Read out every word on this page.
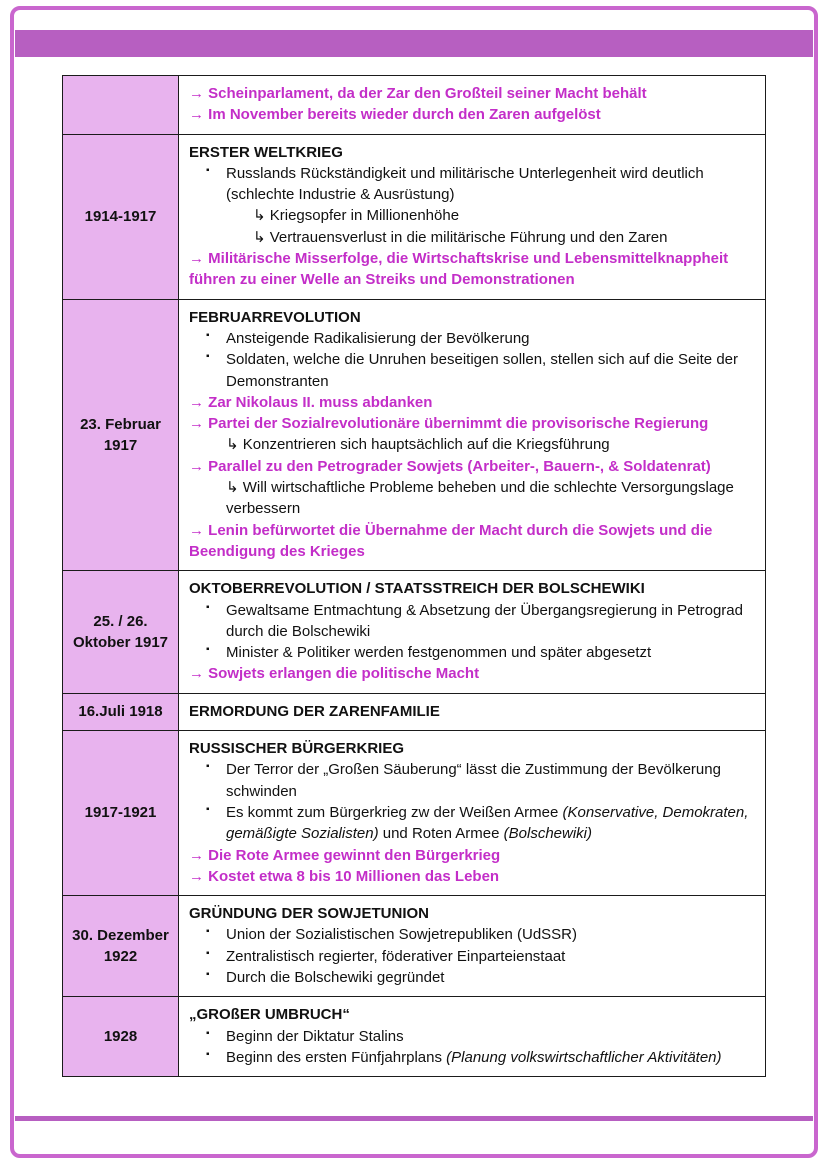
	→ Scheinparlament, da der Zar den Großteil seiner Macht behält
→ Im November bereits wieder durch den Zaren aufgelöst

1914-1917	
ERSTER WELTKRIEG
▪ Russlands Rückständigkeit und militärische Unterlegenheit wird deutlich (schlechte Industrie & Ausrüstung)
↳ Kriegsopfer in Millionenhöhe
↳ Vertrauensverlust in die militärische Führung und den Zaren
→ Militärische Misserfolge, die Wirtschaftskrise und Lebensmittelknappheit führen zu einer Welle an Streiks und Demonstrationen

23. Februar 1917	
FEBRUARREVOLUTION
▪ Ansteigende Radikalisierung der Bevölkerung
▪ Soldaten, welche die Unruhen beseitigen sollen, stellen sich auf die Seite der Demonstranten
→ Zar Nikolaus II. muss abdanken
→ Partei der Sozialrevolutionäre übernimmt die provisorische Regierung
↳ Konzentrieren sich hauptsächlich auf die Kriegsführung
→ Parallel zu den Petrograder Sowjets (Arbeiter-, Bauern-, & Soldatenrat)
↳ Will wirtschaftliche Probleme beheben und die schlechte Versorgungslage verbessern
→ Lenin befürwortet die Übernahme der Macht durch die Sowjets und die Beendigung des Krieges

25. / 26. Oktober 1917	
OKTOBERREVOLUTION / STAATSSTREICH DER BOLSCHEWIKI
▪ Gewaltsame Entmachtung & Absetzung der Übergangsregierung in Petrograd durch die Bolschewiki
▪ Minister & Politiker werden festgenommen und später abgesetzt
→ Sowjets erlangen die politische Macht

16.Juli 1918	ERMORDUNG DER ZARENFAMILIE

1917-1921	
RUSSISCHER BÜRGERKRIEG
▪ Der Terror der „Großen Säuberung“ lässt die Zustimmung der Bevölkerung schwinden
▪ Es kommt zum Bürgerkrieg zw der Weißen Armee (Konservative, Demokraten, gemäßigte Sozialisten) und Roten Armee (Bolschewiki)
→ Die Rote Armee gewinnt den Bürgerkrieg
→ Kostet etwa 8 bis 10 Millionen das Leben

30. Dezember 1922	
GRÜNDUNG DER SOWJETUNION
▪ Union der Sozialistischen Sowjetrepubliken (UdSSR)
▪ Zentralistisch regierter, föderativer Einparteienstaat
▪ Durch die Bolschewiki gegründet

1928	„GROßER UMBRUCH“
▪ Beginn der Diktatur Stalins
▪ Beginn des ersten Fünfjahrplans (Planung volkswirtschaftlicher Aktivitäten)
